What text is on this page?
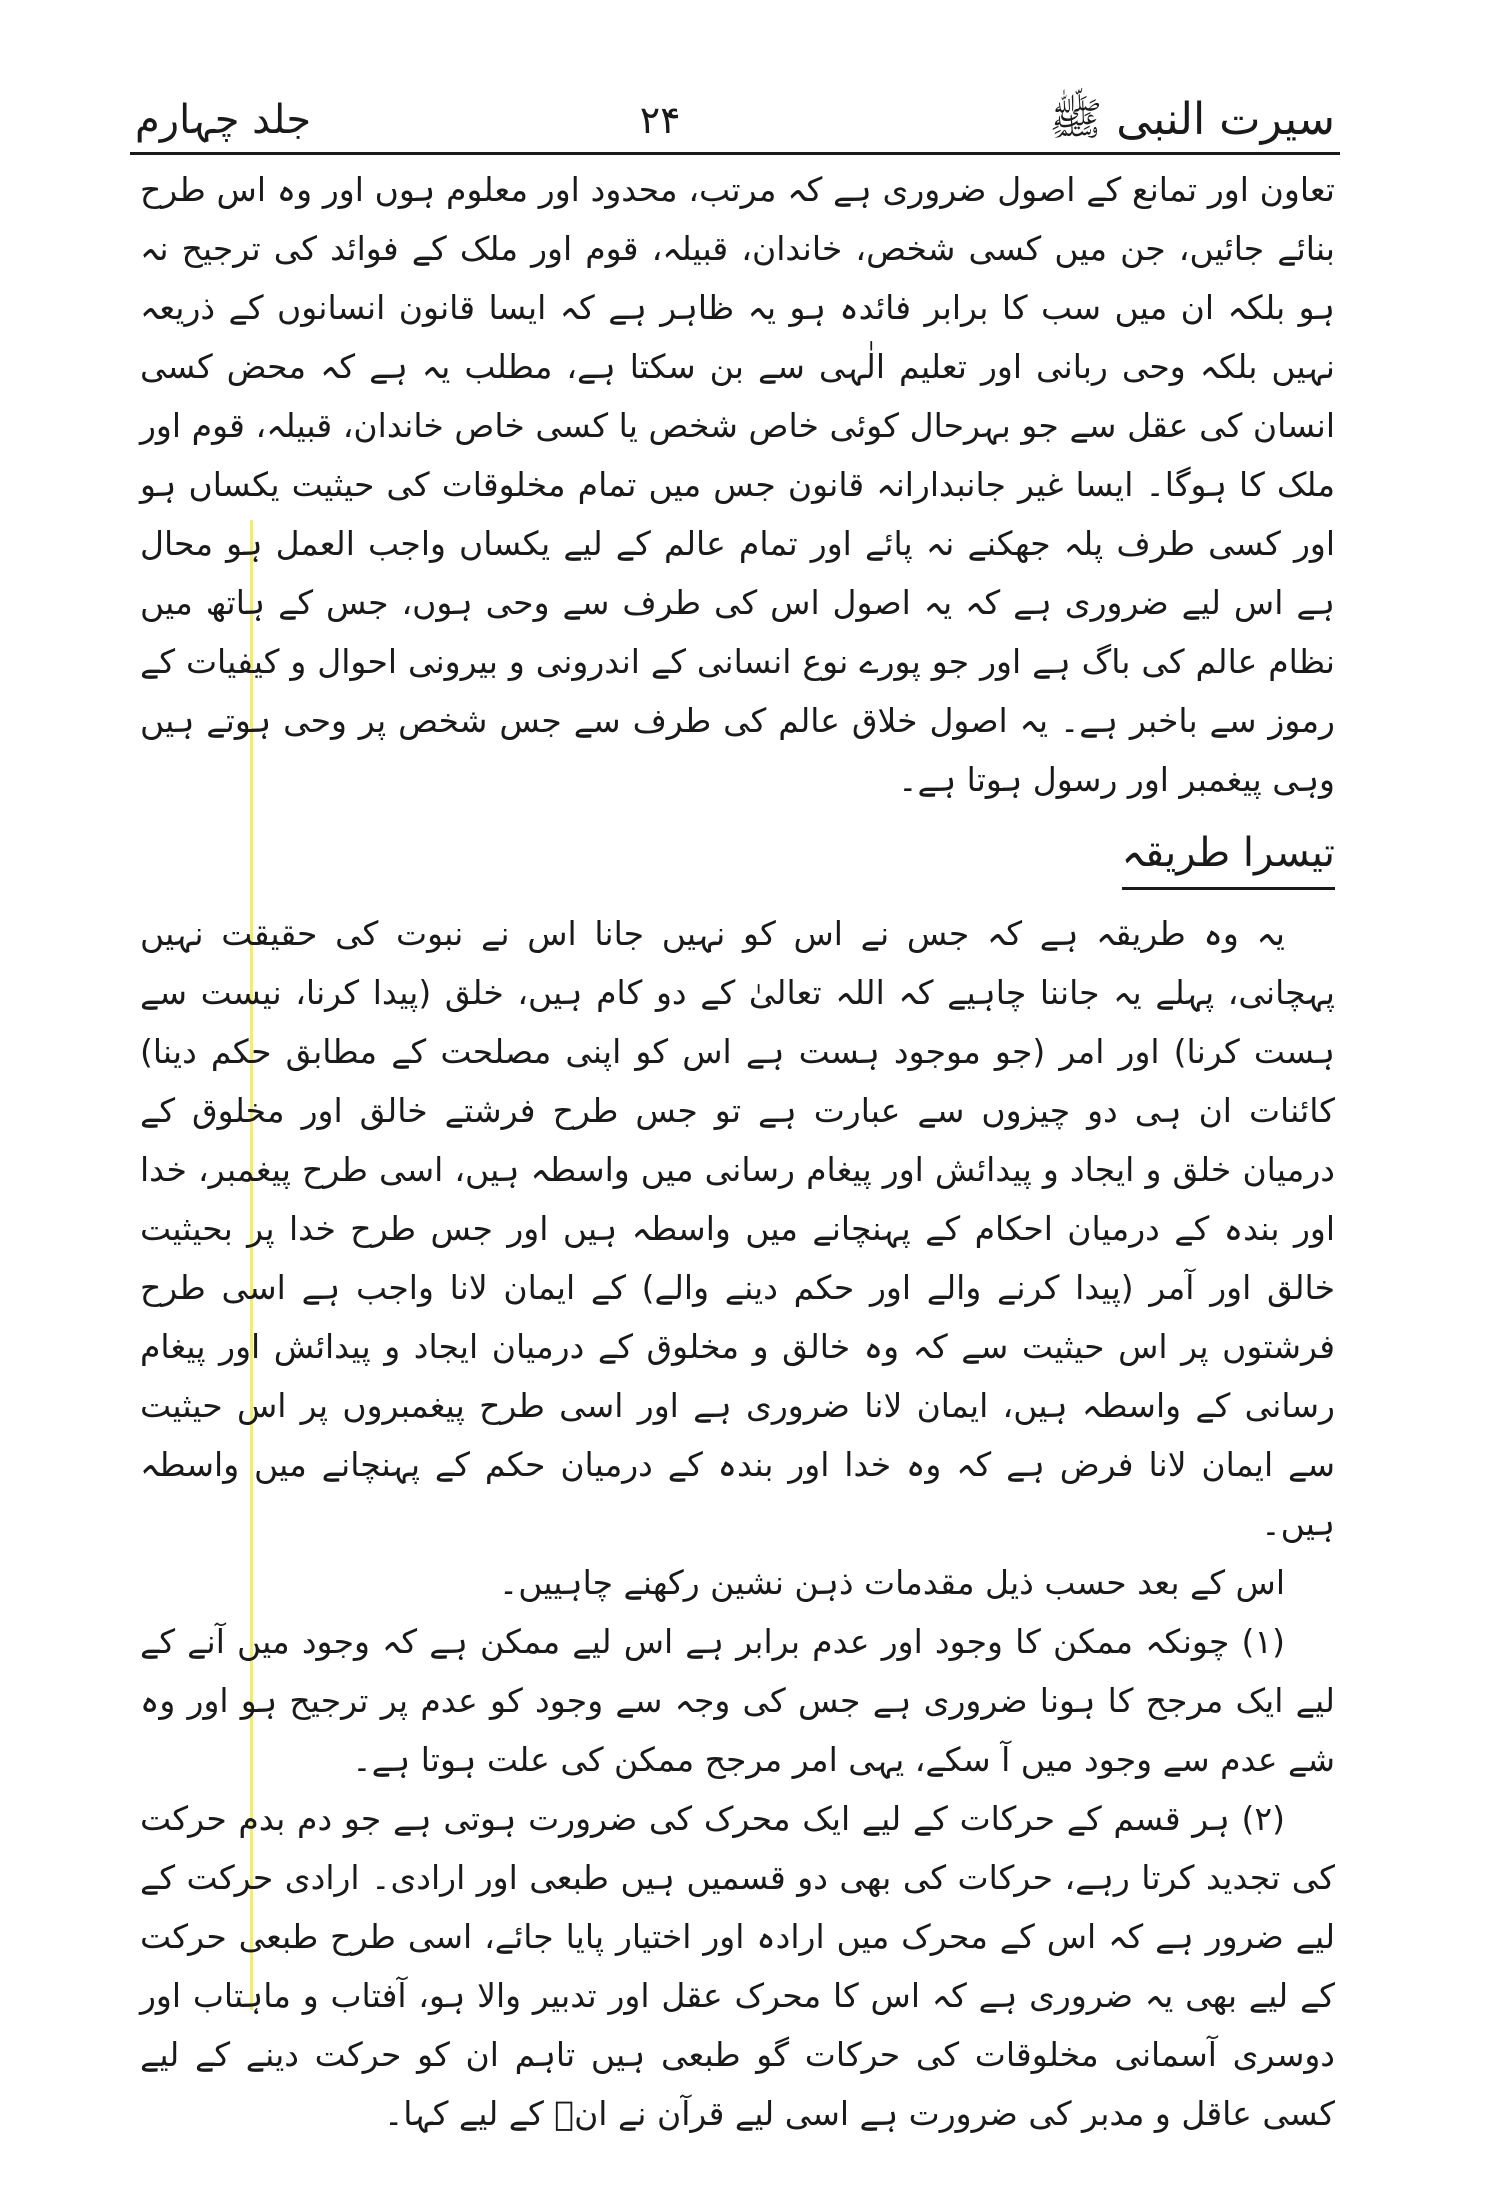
سیرت النبی ﷺ
۲۴
جلد چہارم

تعاون اور تمانع کے اصول ضروری ہے کہ مرتب، محدود اور معلوم ہوں اور وہ اس طرح بنائے جائیں، جن میں کسی شخص، خاندان، قبیلہ، قوم اور ملک کے فوائد کی ترجیح نہ ہو بلکہ ان میں سب کا برابر فائدہ ہو یہ ظاہر ہے کہ ایسا قانون انسانوں کے ذریعہ نہیں بلکہ وحی ربانی اور تعلیم الٰہی سے بن سکتا ہے، مطلب یہ ہے کہ محض کسی انسان کی عقل سے جو بہرحال کوئی خاص شخص یا کسی خاص خاندان، قبیلہ، قوم اور ملک کا ہوگا۔ ایسا غیر جانبدارانہ قانون جس میں تمام مخلوقات کی حیثیت یکساں ہو اور کسی طرف پلہ جھکنے نہ پائے اور تمام عالم کے لیے یکساں واجب العمل ہو محال ہے اس لیے ضروری ہے کہ یہ اصول اس کی طرف سے وحی ہوں، جس کے ہاتھ میں نظام عالم کی باگ ہے اور جو پورے نوع انسانی کے اندرونی و بیرونی احوال و کیفیات کے رموز سے باخبر ہے۔ یہ اصول خلاق عالم کی طرف سے جس شخص پر وحی ہوتے ہیں وہی پیغمبر اور رسول ہوتا ہے۔

تیسرا طریقہ

یہ وہ طریقہ ہے کہ جس نے اس کو نہیں جانا اس نے نبوت کی حقیقت نہیں پہچانی، پہلے یہ جاننا چاہیے کہ اللہ تعالیٰ کے دو کام ہیں، خلق (پیدا کرنا، نیست سے ہست کرنا) اور امر (جو موجود ہست ہے اس کو اپنی مصلحت کے مطابق حکم دینا) کائنات ان ہی دو چیزوں سے عبارت ہے تو جس طرح فرشتے خالق اور مخلوق کے درمیان خلق و ایجاد و پیدائش اور پیغام رسانی میں واسطہ ہیں، اسی طرح پیغمبر، خدا اور بندہ کے درمیان احکام کے پہنچانے میں واسطہ ہیں اور جس طرح خدا پر بحیثیت خالق اور آمر (پیدا کرنے والے اور حکم دینے والے) کے ایمان لانا واجب ہے اسی طرح فرشتوں پر اس حیثیت سے کہ وہ خالق و مخلوق کے درمیان ایجاد و پیدائش اور پیغام رسانی کے واسطہ ہیں، ایمان لانا ضروری ہے اور اسی طرح پیغمبروں پر اس حیثیت سے ایمان لانا فرض ہے کہ وہ خدا اور بندہ کے درمیان حکم کے پہنچانے میں واسطہ ہیں۔

اس کے بعد حسب ذیل مقدمات ذہن نشین رکھنے چاہییں۔

(۱) چونکہ ممکن کا وجود اور عدم برابر ہے اس لیے ممکن ہے کہ وجود میں آنے کے لیے ایک مرجح کا ہونا ضروری ہے جس کی وجہ سے وجود کو عدم پر ترجیح ہو اور وہ شے عدم سے وجود میں آ سکے، یہی امر مرجح ممکن کی علت ہوتا ہے۔

(۲) ہر قسم کے حرکات کے لیے ایک محرک کی ضرورت ہوتی ہے جو دم بدم حرکت کی تجدید کرتا رہے، حرکات کی بھی دو قسمیں ہیں طبعی اور ارادی۔ ارادی حرکت کے لیے ضرور ہے کہ اس کے محرک میں ارادہ اور اختیار پایا جائے، اسی طرح طبعی حرکت کے لیے بھی یہ ضروری ہے کہ اس کا محرک عقل اور تدبیر والا ہو، آفتاب و ماہتاب اور دوسری آسمانی مخلوقات کی حرکات گو طبعی ہیں تاہم ان کو حرکت دینے کے لیے کسی عاقل و مدبر کی ضرورت ہے اسی لیے قرآن نے انؐ کے لیے کہا۔
